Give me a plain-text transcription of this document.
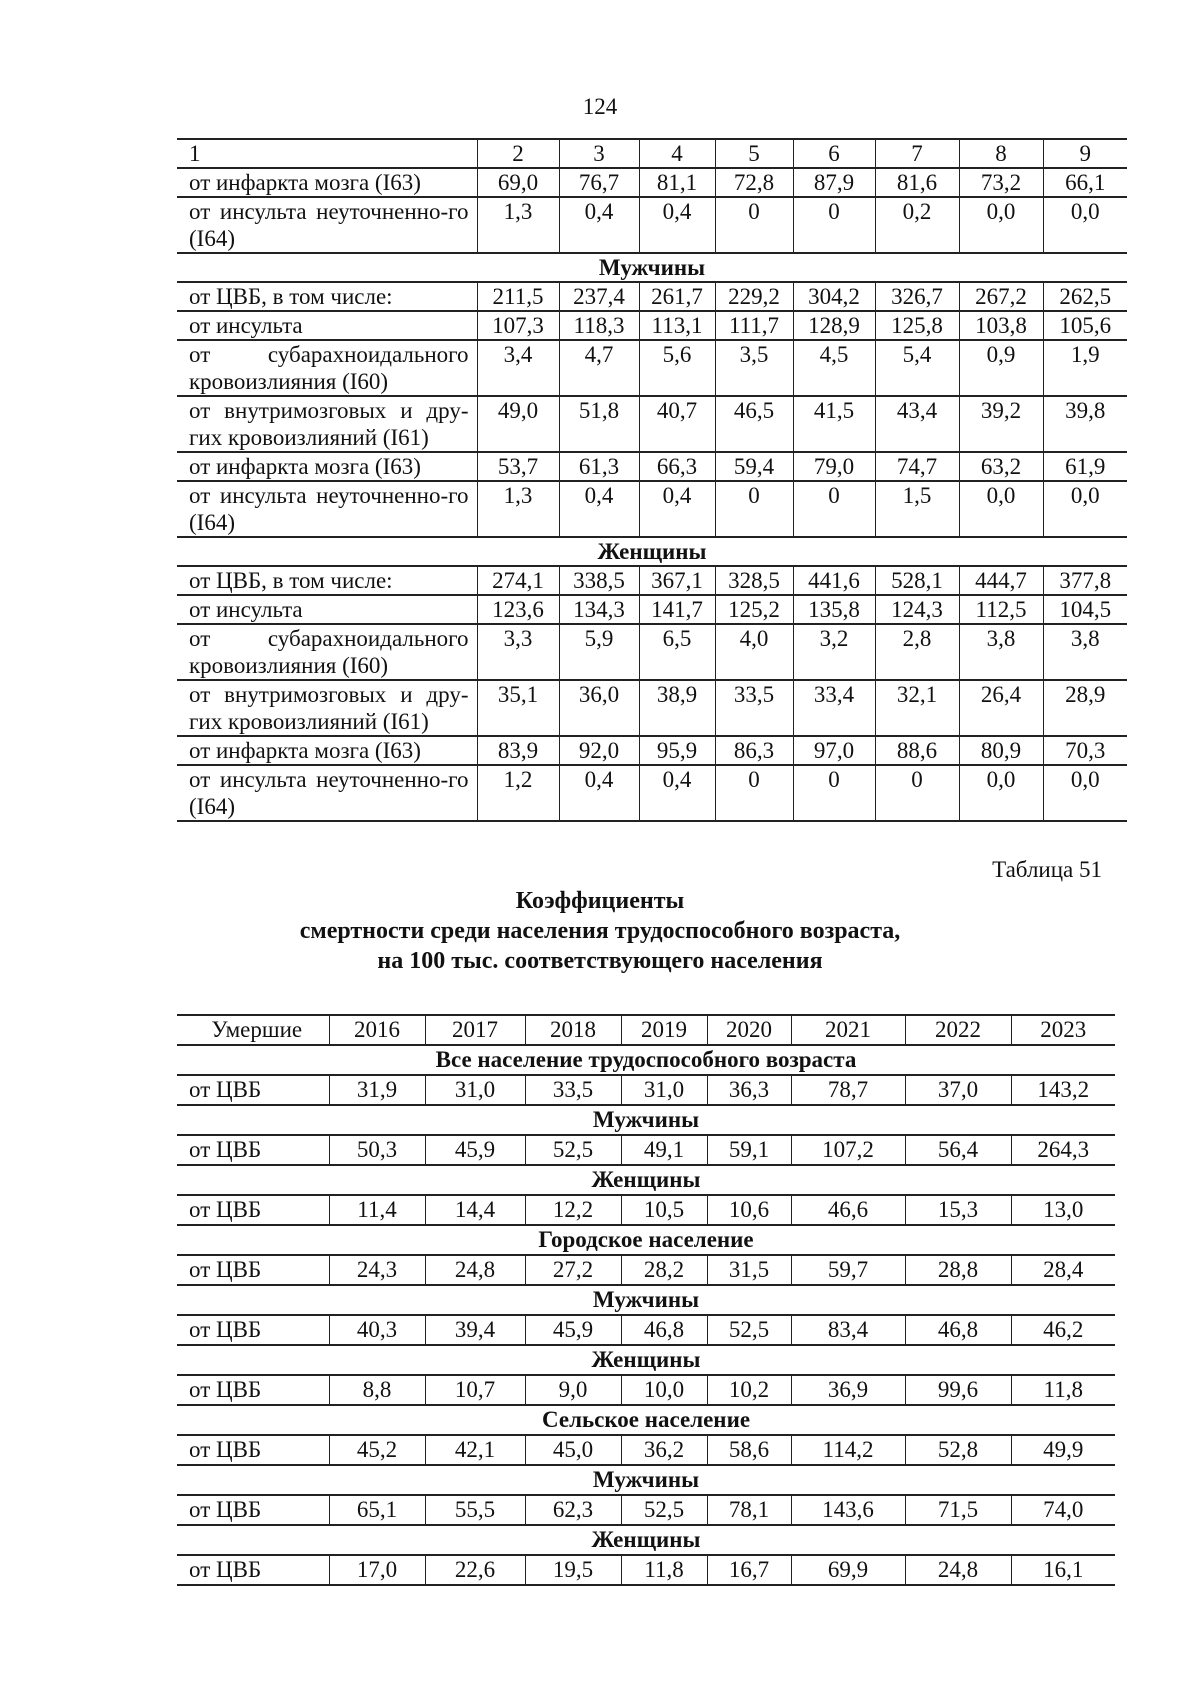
124
1	2	3	4	5	6	7	8	9
от инфаркта мозга (I63)	69,0	76,7	81,1	72,8	87,9	81,6	73,2	66,1
от инсульта неуточненно-го (I64)	1,3	0,4	0,4	0	0	0,2	0,0	0,0
Мужчины								
от ЦВБ, в том числе:	211,5	237,4	261,7	229,2	304,2	326,7	267,2	262,5
от инсульта	107,3	118,3	113,1	111,7	128,9	125,8	103,8	105,6
от субарахноидального кровоизлияния (I60)	3,4	4,7	5,6	3,5	4,5	5,4	0,9	1,9
от внутримозговых и дру-гих кровоизлияний (I61)	49,0	51,8	40,7	46,5	41,5	43,4	39,2	39,8
от инфаркта мозга (I63)	53,7	61,3	66,3	59,4	79,0	74,7	63,2	61,9
от инсульта неуточненно-го (I64)	1,3	0,4	0,4	0	0	1,5	0,0	0,0
Женщины								
от ЦВБ, в том числе:	274,1	338,5	367,1	328,5	441,6	528,1	444,7	377,8
от инсульта	123,6	134,3	141,7	125,2	135,8	124,3	112,5	104,5
от субарахноидального кровоизлияния (I60)	3,3	5,9	6,5	4,0	3,2	2,8	3,8	3,8
от внутримозговых и дру-гих кровоизлияний (I61)	35,1	36,0	38,9	33,5	33,4	32,1	26,4	28,9
от инфаркта мозга (I63)	83,9	92,0	95,9	86,3	97,0	88,6	80,9	70,3
от инсульта неуточненно-го (I64)	1,2	0,4	0,4	0	0	0	0,0	0,0
Таблица 51
Коэффициенты
смертности среди населения трудоспособного возраста,
на 100 тыс. соответствующего населения
Умершие	2016	2017	2018	2019	2020	2021	2022	2023
Все население трудоспособного возраста								
от ЦВБ	31,9	31,0	33,5	31,0	36,3	78,7	37,0	143,2
Мужчины								
от ЦВБ	50,3	45,9	52,5	49,1	59,1	107,2	56,4	264,3
Женщины								
от ЦВБ	11,4	14,4	12,2	10,5	10,6	46,6	15,3	13,0
Городское население								
от ЦВБ	24,3	24,8	27,2	28,2	31,5	59,7	28,8	28,4
Мужчины								
от ЦВБ	40,3	39,4	45,9	46,8	52,5	83,4	46,8	46,2
Женщины								
от ЦВБ	8,8	10,7	9,0	10,0	10,2	36,9	99,6	11,8
Сельское население								
от ЦВБ	45,2	42,1	45,0	36,2	58,6	114,2	52,8	49,9
Мужчины								
от ЦВБ	65,1	55,5	62,3	52,5	78,1	143,6	71,5	74,0
Женщины								
от ЦВБ	17,0	22,6	19,5	11,8	16,7	69,9	24,8	16,1
